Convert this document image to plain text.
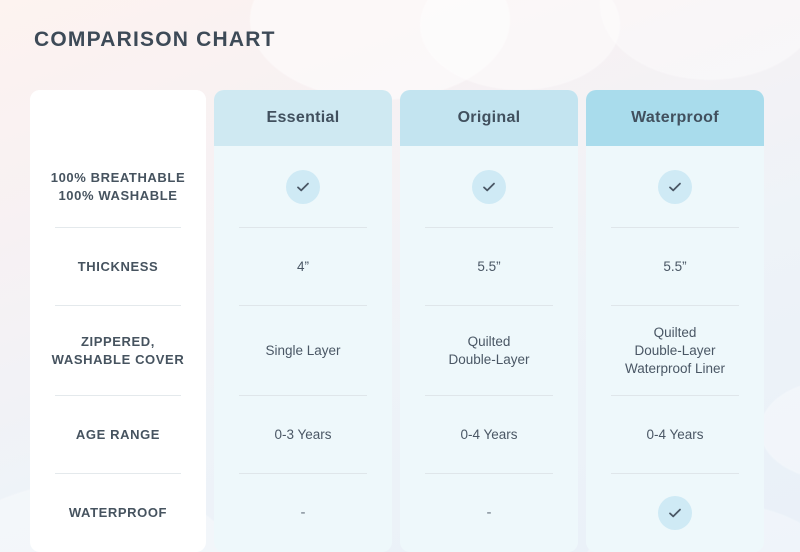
COMPARISON CHART
100% BREATHABLE
100% WASHABLE
THICKNESS
ZIPPERED,
WASHABLE COVER
AGE RANGE
WATERPROOF
Essential
4”
Single Layer
0-3 Years
-
Original
5.5”
Quilted
Double-Layer
0-4 Years
-
Waterproof
5.5”
Quilted
Double-Layer
Waterproof Liner
0-4 Years
